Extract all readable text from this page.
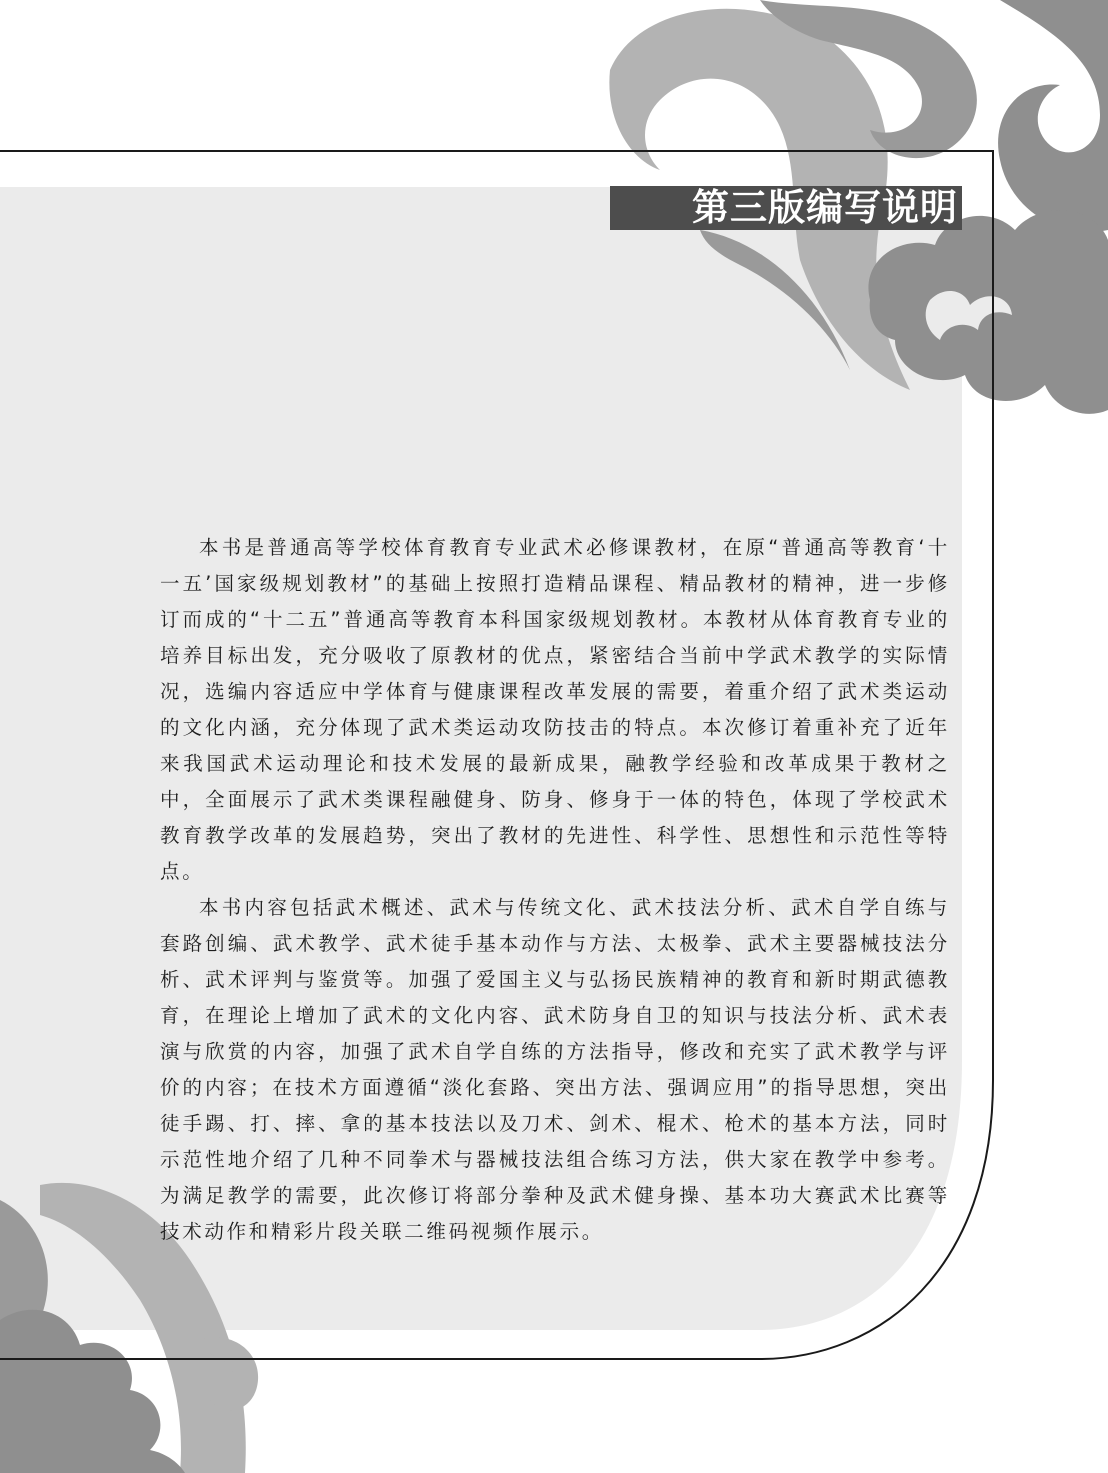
第三版编写说明

本书是普通高等学校体育教育专业武术必修课教材，在原“普通高等教育‘十一五’国家级规划教材”的基础上按照打造精品课程、精品教材的精神，进一步修订而成的“十二五”普通高等教育本科国家级规划教材。本教材从体育教育专业的培养目标出发，充分吸收了原教材的优点，紧密结合当前中学武术教学的实际情况，选编内容适应中学体育与健康课程改革发展的需要，着重介绍了武术类运动的文化内涵，充分体现了武术类运动攻防技击的特点。本次修订着重补充了近年来我国武术运动理论和技术发展的最新成果，融教学经验和改革成果于教材之中，全面展示了武术类课程融健身、防身、修身于一体的特色，体现了学校武术教育教学改革的发展趋势，突出了教材的先进性、科学性、思想性和示范性等特点。

本书内容包括武术概述、武术与传统文化、武术技法分析、武术自学自练与套路创编、武术教学、武术徒手基本动作与方法、太极拳、武术主要器械技法分析、武术评判与鉴赏等。加强了爱国主义与弘扬民族精神的教育和新时期武德教育，在理论上增加了武术的文化内容、武术防身自卫的知识与技法分析、武术表演与欣赏的内容，加强了武术自学自练的方法指导，修改和充实了武术教学与评价的内容；在技术方面遵循“淡化套路、突出方法、强调应用”的指导思想，突出徒手踢、打、摔、拿的基本技法以及刀术、剑术、棍术、枪术的基本方法，同时示范性地介绍了几种不同拳术与器械技法组合练习方法，供大家在教学中参考。为满足教学的需要，此次修订将部分拳种及武术健身操、基本功大赛武术比赛等技术动作和精彩片段关联二维码视频作展示。
